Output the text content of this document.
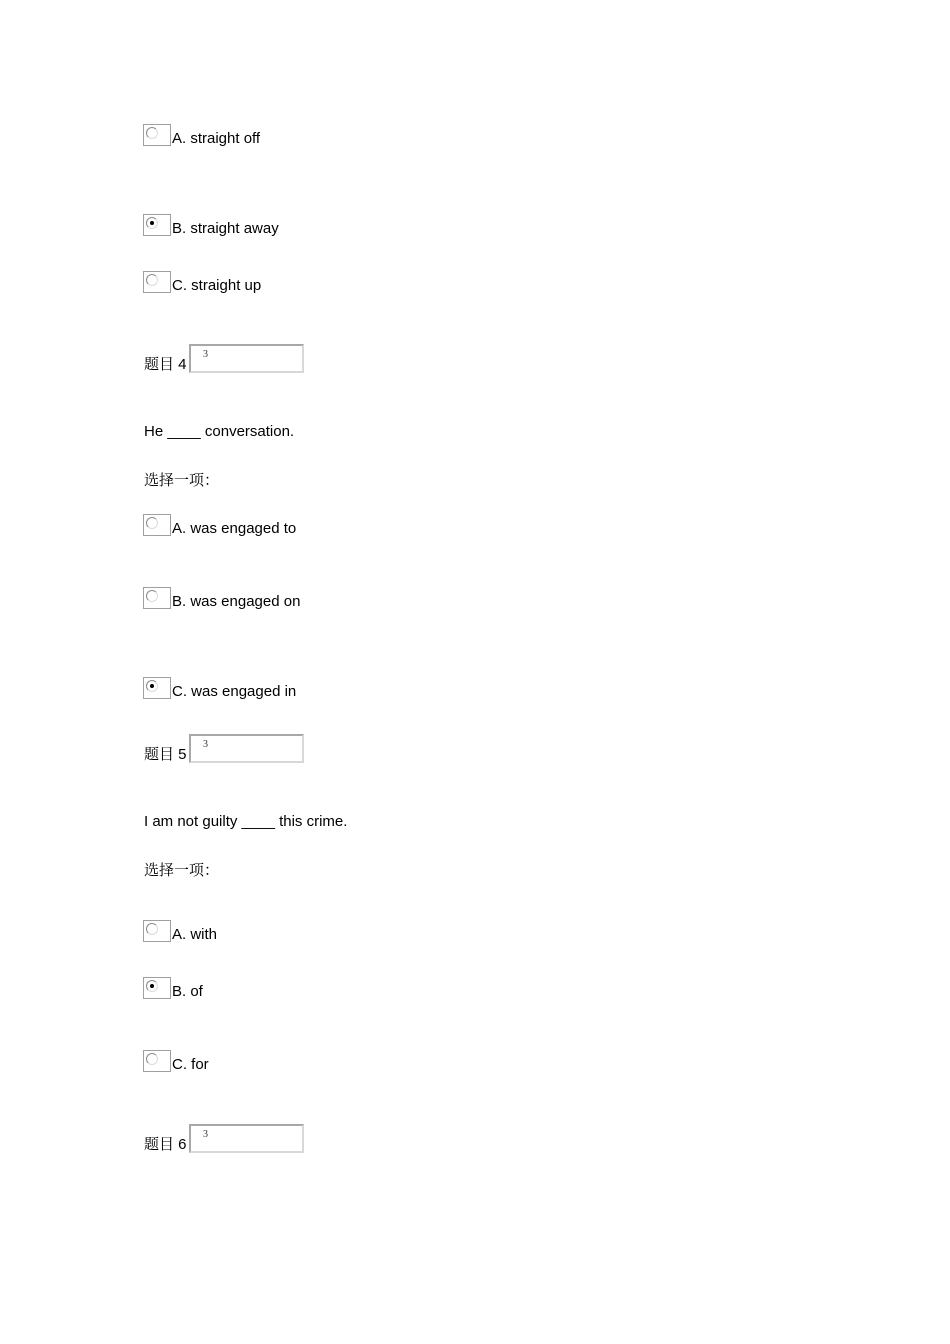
A. straight off
B. straight away
C. straight up
题目 4
3
He ____ conversation.
选择一项：
A. was engaged to
B. was engaged on
C. was engaged in
题目 5
3
I am not guilty ____ this crime.
选择一项：
A. with
B. of
C. for
题目 6
3
